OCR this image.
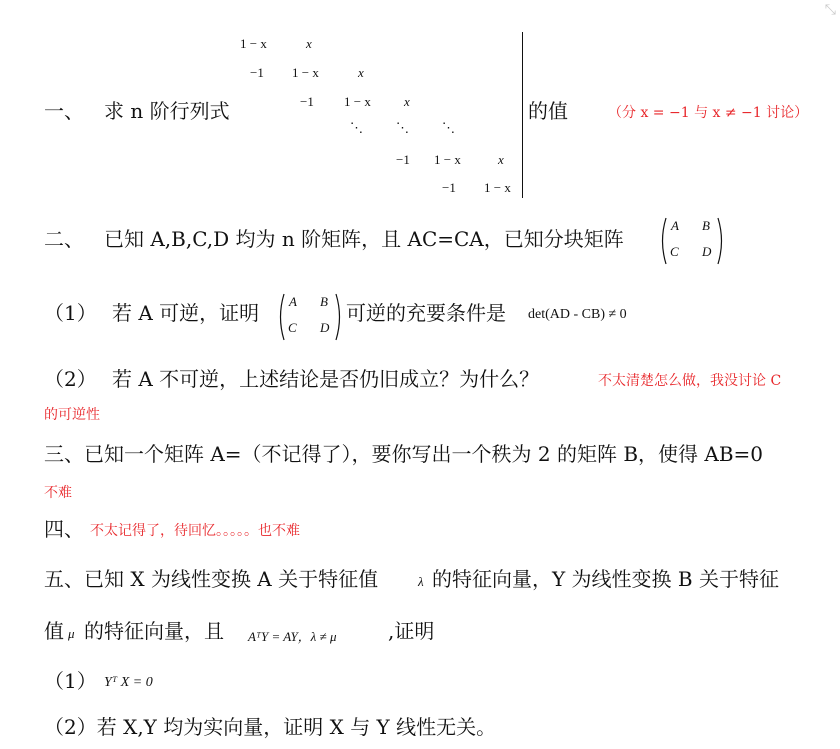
⤡
一、 求 n 阶行列式
1 − x	x
−1 1 − x	x
−1 1 − x	x
⋱	⋱	⋱
−1 1 − x	x
−1 1 − x
的值	（分 x = −1 与 x ≠ −1 讨论）
二、 已知 A,B,C,D 均为 n 阶矩阵，且 AC=CA，已知分块矩阵
A B
C D
（1） 若 A 可逆，证明 A B
C D
可逆的充要条件是 det(AD - CB) ≠ 0
（2） 若 A 不可逆，上述结论是否仍旧成立？为什么？	不太清楚怎么做，我没讨论 C
的可逆性
三、已知一个矩阵 A=（不记得了），要你写出一个秩为 2 的矩阵 B，使得 AB=0
不难
四、 不太记得了，待回忆。。。。。也不难
五、已知 X 为线性变换 A 关于特征值	λ 的特征向量，Y 为线性变换 B 关于特征
值 μ 的特征向量，且 AᵀY = AY，λ ≠ μ	,证明
（1） Yᵀ X = 0
（2）若 X,Y 均为实向量，证明 X 与 Y 线性无关。
